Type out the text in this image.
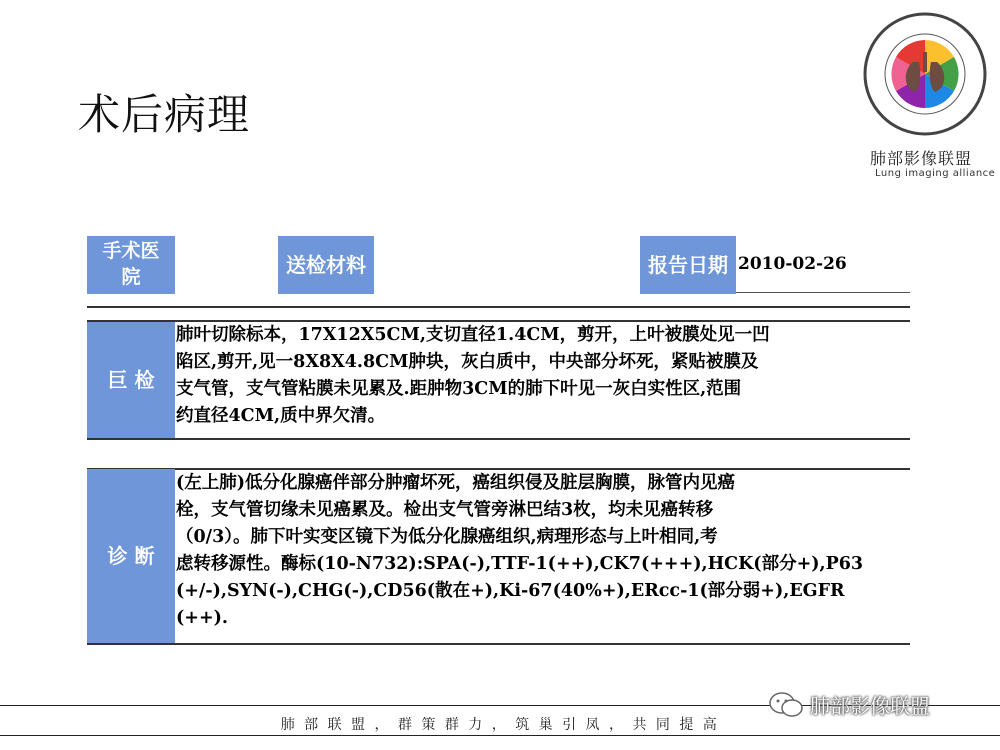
术后病理
肺部影像联盟
Lung imaging alliance
手术医
院
送检材料	报告日期 2010-02-26
巨 检
肺叶切除标本，17X12X5CM,支切直径1.4CM，剪开，上叶被膜处见一凹
陷区,剪开,见一8X8X4.8CM肿块，灰白质中，中央部分坏死，紧贴被膜及
支气管，支气管粘膜未见累及.距肿物3CM的肺下叶见一灰白实性区,范围
约直径4CM,质中界欠清。
诊 断
(左上肺)低分化腺癌伴部分肿瘤坏死，癌组织侵及脏层胸膜，脉管内见癌
栓，支气管切缘未见癌累及。检出支气管旁淋巴结3枚，均未见癌转移
（0/3）。肺下叶实变区镜下为低分化腺癌组织,病理形态与上叶相同,考
虑转移源性。酶标(10-N732):SPA(-),TTF-1(++),CK7(+++),HCK(部分+),P63
(+/-),SYN(-),CHG(-),CD56(散在+),Ki-67(40%+),ERcc-1(部分弱+),EGFR
(++).
肺 部 联 盟 ， 群 策 群 力 ， 筑 巢 引 凤 ， 共 同 提 高
肺部影像联盟
